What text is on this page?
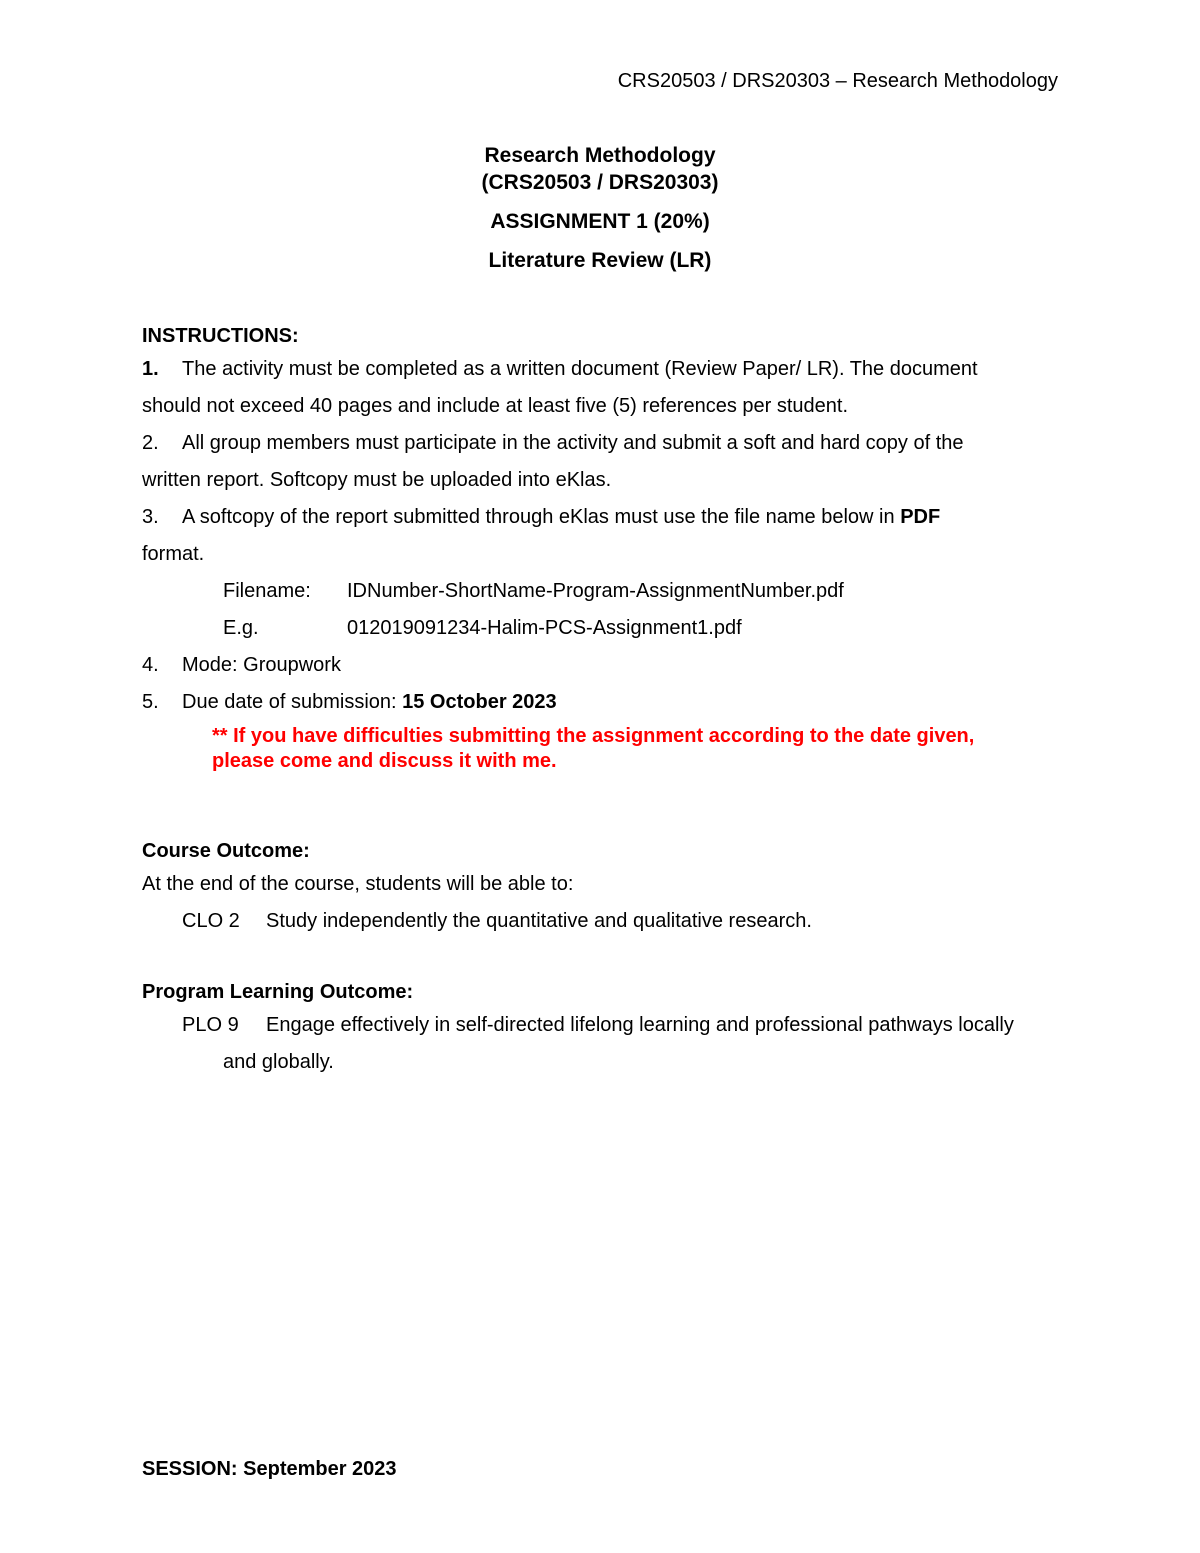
CRS20503 / DRS20303 – Research Methodology
Research Methodology
(CRS20503 / DRS20303)
ASSIGNMENT 1 (20%)
Literature Review (LR)
INSTRUCTIONS:
1. The activity must be completed as a written document (Review Paper/ LR). The document
should not exceed 40 pages and include at least five (5) references per student.
2. All group members must participate in the activity and submit a soft and hard copy of the
written report. Softcopy must be uploaded into eKlas.
3. A softcopy of the report submitted through eKlas must use the file name below in PDF
format.
Filename:	IDNumber-ShortName-Program-AssignmentNumber.pdf
E.g.	012019091234-Halim-PCS-Assignment1.pdf
4. Mode: Groupwork
5. Due date of submission: 15 October 2023
** If you have difficulties submitting the assignment according to the date given,
please come and discuss it with me.
Course Outcome:
At the end of the course, students will be able to:
CLO 2	Study independently the quantitative and qualitative research.
Program Learning Outcome:
PLO 9	Engage effectively in self-directed lifelong learning and professional pathways locally
and globally.
SESSION: September 2023
